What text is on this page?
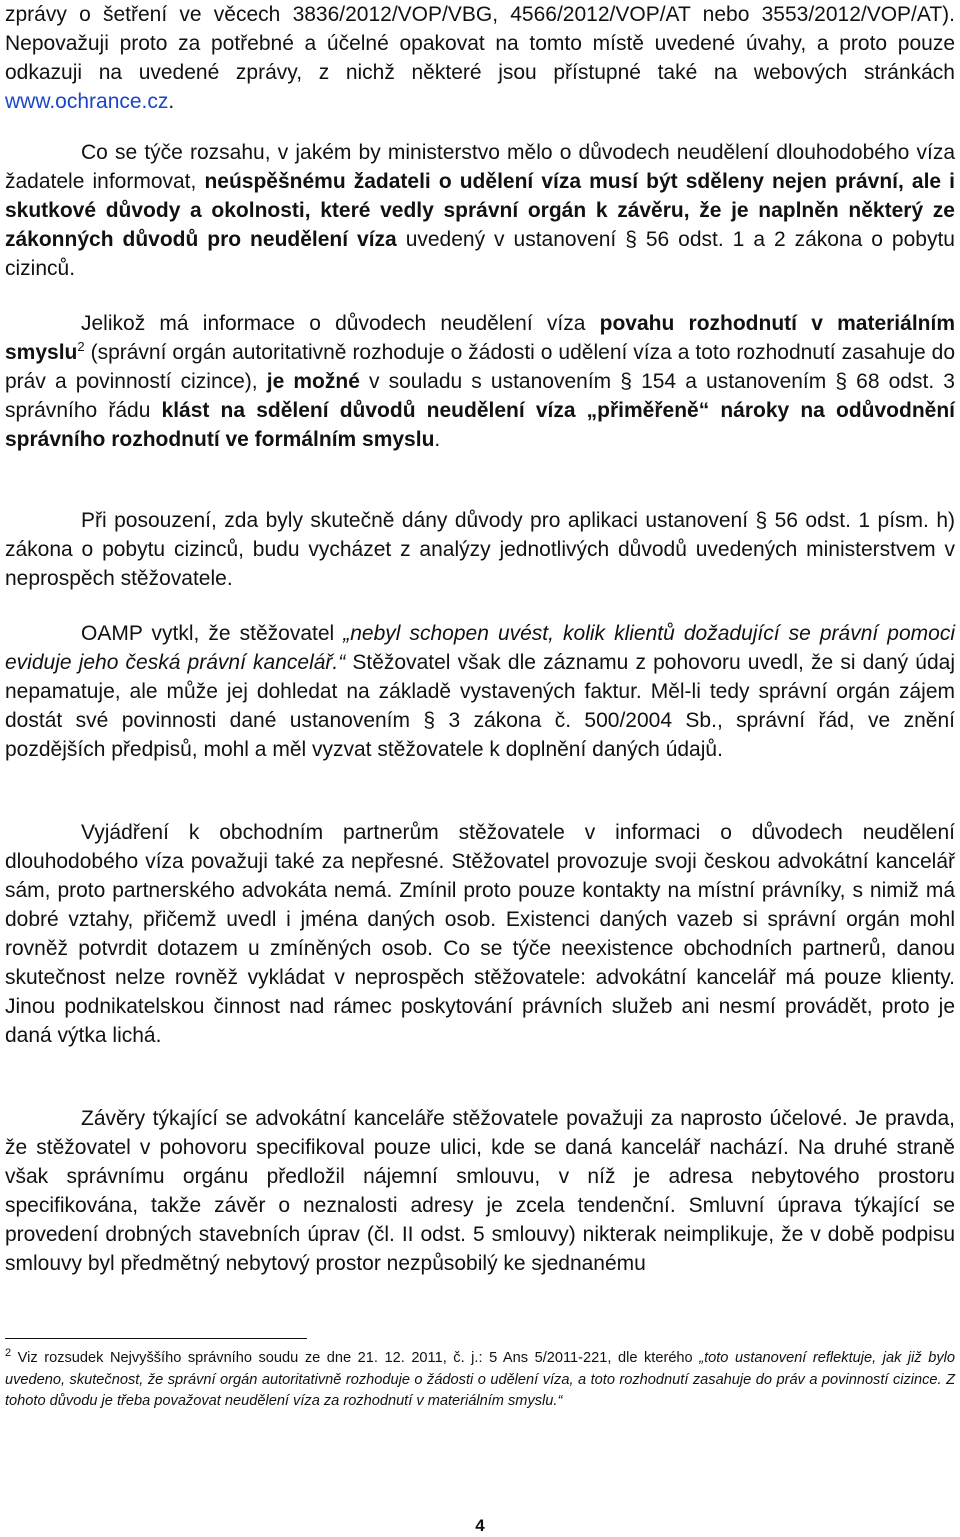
zprávy o šetření ve věcech 3836/2012/VOP/VBG, 4566/2012/VOP/AT nebo 3553/2012/VOP/AT). Nepovažuji proto za potřebné a účelné opakovat na tomto místě uvedené úvahy, a proto pouze odkazuji na uvedené zprávy, z nichž některé jsou přístupné také na webových stránkách www.ochrance.cz.

Co se týče rozsahu, v jakém by ministerstvo mělo o důvodech neudělení dlouhodobého víza žadatele informovat, neúspěšnému žadateli o udělení víza musí být sděleny nejen právní, ale i skutkové důvody a okolnosti, které vedly správní orgán k závěru, že je naplněn některý ze zákonných důvodů pro neudělení víza uvedený v ustanovení § 56 odst. 1 a 2 zákona o pobytu cizinců.

Jelikož má informace o důvodech neudělení víza povahu rozhodnutí v materiálním smyslu$^2$ (správní orgán autoritativně rozhoduje o žádosti o udělení víza a toto rozhodnutí zasahuje do práv a povinností cizince), je možné v souladu s ustanovením § 154 a ustanovením § 68 odst. 3 správního řádu klást na sdělení důvodů neudělení víza „přiměřeně“ nároky na odůvodnění správního rozhodnutí ve formálním smyslu.

Při posouzení, zda byly skutečně dány důvody pro aplikaci ustanovení § 56 odst. 1 písm. h) zákona o pobytu cizinců, budu vycházet z analýzy jednotlivých důvodů uvedených ministerstvem v neprospěch stěžovatele.

OAMP vytkl, že stěžovatel „nebyl schopen uvést, kolik klientů dožadující se právní pomoci eviduje jeho česká právní kancelář.“ Stěžovatel však dle záznamu z pohovoru uvedl, že si daný údaj nepamatuje, ale může jej dohledat na základě vystavených faktur. Měl-li tedy správní orgán zájem dostát své povinnosti dané ustanovením § 3 zákona č. 500/2004 Sb., správní řád, ve znění pozdějších předpisů, mohl a měl vyzvat stěžovatele k doplnění daných údajů.

Vyjádření k obchodním partnerům stěžovatele v informaci o důvodech neudělení dlouhodobého víza považuji také za nepřesné. Stěžovatel provozuje svoji českou advokátní kancelář sám, proto partnerského advokáta nemá. Zmínil proto pouze kontakty na místní právníky, s nimiž má dobré vztahy, přičemž uvedl i jména daných osob. Existenci daných vazeb si správní orgán mohl rovněž potvrdit dotazem u zmíněných osob. Co se týče neexistence obchodních partnerů, danou skutečnost nelze rovněž vykládat v neprospěch stěžovatele: advokátní kancelář má pouze klienty. Jinou podnikatelskou činnost nad rámec poskytování právních služeb ani nesmí provádět, proto je daná výtka lichá.

Závěry týkající se advokátní kanceláře stěžovatele považuji za naprosto účelové. Je pravda, že stěžovatel v pohovoru specifikoval pouze ulici, kde se daná kancelář nachází. Na druhé straně však správnímu orgánu předložil nájemní smlouvu, v níž je adresa nebytového prostoru specifikována, takže závěr o neznalosti adresy je zcela tendenční. Smluvní úprava týkající se provedení drobných stavebních úprav (čl. II odst. 5 smlouvy) nikterak neimplikuje, že v době podpisu smlouvy byl předmětný nebytový prostor nezpůsobilý ke sjednanému

$^2$ Viz rozsudek Nejvyššího správního soudu ze dne 21. 12. 2011, č. j.: 5 Ans 5/2011-221, dle kterého „toto ustanovení reflektuje, jak již bylo uvedeno, skutečnost, že správní orgán autoritativně rozhoduje o žádosti o udělení víza, a toto rozhodnutí zasahuje do práv a povinností cizince. Z tohoto důvodu je třeba považovat neudělení víza za rozhodnutí v materiálním smyslu.“

4
